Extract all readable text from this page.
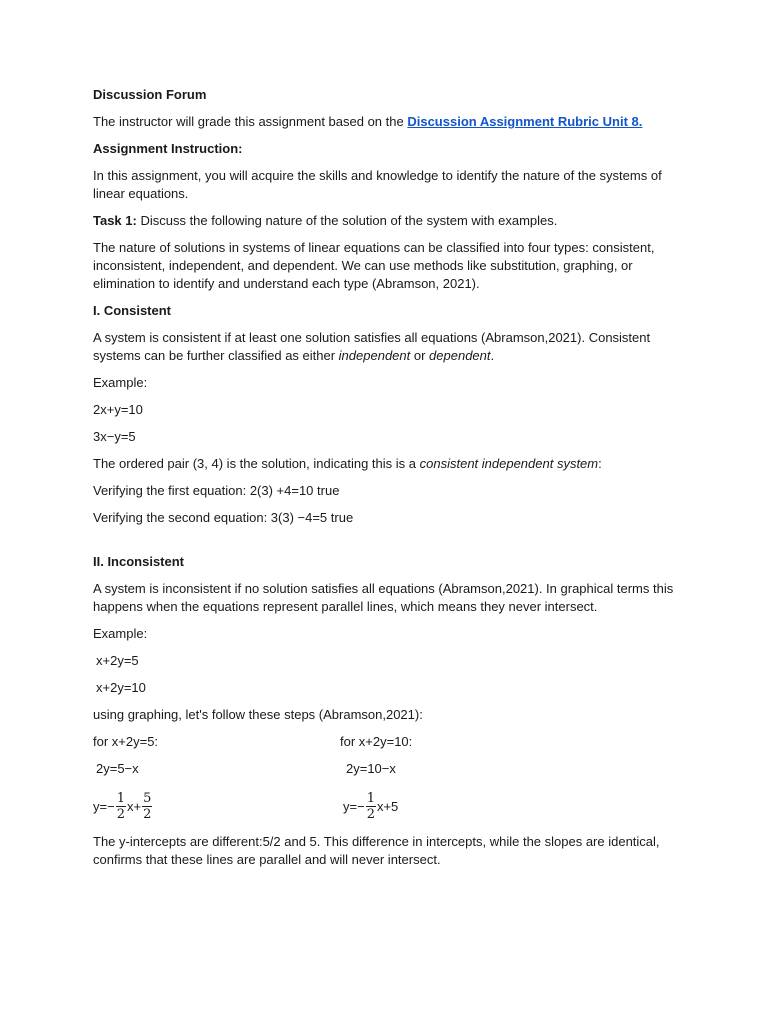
Discussion Forum

The instructor will grade this assignment based on the Discussion Assignment Rubric Unit 8.

Assignment Instruction:

In this assignment, you will acquire the skills and knowledge to identify the nature of the systems of linear equations.

Task 1: Discuss the following nature of the solution of the system with examples.

The nature of solutions in systems of linear equations can be classified into four types: consistent, inconsistent, independent, and dependent. We can use methods like substitution, graphing, or elimination to identify and understand each type (Abramson, 2021).

I. Consistent

A system is consistent if at least one solution satisfies all equations (Abramson,2021). Consistent systems can be further classified as either independent or dependent.

Example:

2x+y=10

3x−y=5

The ordered pair (3, 4) is the solution, indicating this is a consistent independent system:

Verifying the first equation: 2(3) +4=10 true

Verifying the second equation: 3(3) −4=5 true

II. Inconsistent

A system is inconsistent if no solution satisfies all equations (Abramson,2021). In graphical terms this happens when the equations represent parallel lines, which means they never intersect.

Example:

x+2y=5

x+2y=10

using graphing, let's follow these steps (Abramson,2021):

for x+2y=5:	for x+2y=10:
2y=5−x	2y=10−x
$y=- \frac{1}{2} x+ \frac{5}{2}$	$y=- \frac{1}{2} x+5$

The y-intercepts are different:5/2 and 5. This difference in intercepts, while the slopes are identical, confirms that these lines are parallel and will never intersect.
